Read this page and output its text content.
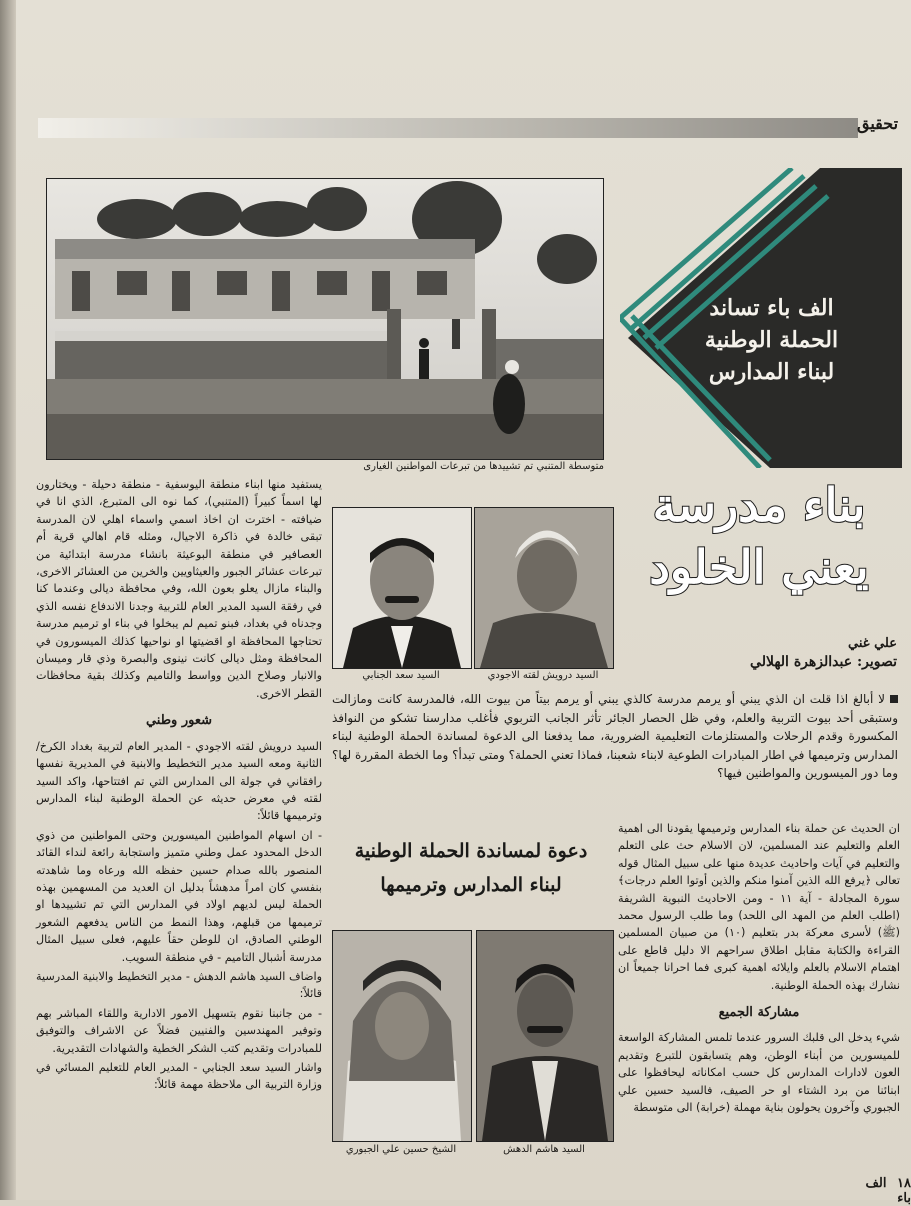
تحقيق
متوسطة المتنبي تم تشييدها من تبرعات المواطنين الغيارى
الف باء تساند
الحملة الوطنية
لبناء المدارس
بناء مدرسة
يعني الخلود
علي غني
تصوير: عبدالزهرة الهلالي
السيد سعد الجنابي	السيد درويش لقته الاجودي

لا أبالغ اذا قلت ان الذي يبني أو يرمم مدرسة كالذي يبني أو يرمم بيتاً من بيوت الله، فالمدرسة كانت ومازالت وستبقى أحد بيوت التربية والعلم، وفي ظل الحصار الجائر تأثر الجانب التربوي فأغلب مدارسنا تشكو من النوافذ المكسورة وقدم الرحلات والمستلزمات التعليمية الضرورية، مما يدفعنا الى الدعوة لمساندة الحملة الوطنية لبناء المدارس وترميمها في اطار المبادرات الطوعية لابناء شعبنا، فماذا تعني الحملة؟ ومتى تبدأ؟ وما الخطة المقررة لها؟ وما دور الميسورين والمواطنين فيها؟

ان الحديث عن حملة بناء المدارس وترميمها يقودنا الى اهمية العلم والتعليم عند المسلمين، لان الاسلام حث على التعلم والتعليم في آيات واحاديث عديدة منها على سبيل المثال قوله تعالى ﴿يرفع الله الذين آمنوا منكم والذين أوتوا العلم درجات﴾ سورة المجادلة - آية ١١ - ومن الاحاديث النبوية الشريفة (اطلب العلم من المهد الى اللحد) وما طلب الرسول محمد (ﷺ) لأسرى معركة بدر بتعليم (١٠) من صبيان المسلمين القراءة والكتابة مقابل اطلاق سراحهم الا دليل قاطع على اهتمام الاسلام بالعلم وايلائه اهمية كبرى فما احرانا جميعاً ان نشارك بهذه الحملة الوطنية.

مشاركة الجميع

شيء يدخل الى قلبك السرور عندما تلمس المشاركة الواسعة للميسورين من أبناء الوطن، وهم يتسابقون للتبرع وتقديم العون لادارات المدارس كل حسب امكاناته ليحافظوا على ابنائنا من برد الشتاء او حر الصيف، فالسيد حسين علي الجبوري وآخرون يحولون بناية مهملة (خرابة) الى متوسطة

دعوة لمساندة الحملة الوطنية
لبناء المدارس وترميمها
الشيخ حسين علي الجبوري	السيد هاشم الدهش

يستفيد منها ابناء منطقة اليوسفية - منطقة دحيلة - ويختارون لها اسماً كبيراً (المتنبي)، كما نوه الى المتبرع، الذي انا في ضيافته - اخترت ان اخاذ اسمي واسماء اهلي لان المدرسة تبقى خالدة في ذاكرة الاجيال، ومثله قام اهالي قرية أم العصافير في منطقة البوعيثة بانشاء مدرسة ابتدائية من تبرعات عشائر الجبور والعيثاويين والخرين من العشائر الاخرى، والبناء مازال يعلو بعون الله، وفي محافظة ديالى وعندما كنا في رفقة السيد المدير العام للتربية وجدنا الاندفاع نفسه الذي وجدناه في بغداد، فبنو تميم لم يبخلوا في بناء او ترميم مدرسة تحتاجها المحافظة او اقضيتها او نواحيها كذلك الميسورون في المحافظة ومثل ديالى كانت نينوى والبصرة وذي قار وميسان والانبار وصلاح الدين وواسط والتاميم وكذلك بقية محافظات القطر الاخرى.

شعور وطني

السيد درويش لقته الاجودي - المدير العام لتربية بغداد الكرخ/ الثانية ومعه السيد مدير التخطيط والابنية في المديرية نفسها رافقاني في جولة الى المدارس التي تم افتتاحها، واكد السيد لقته في معرض حديثه عن الحملة الوطنية لبناء المدارس وترميمها قائلاً:

- ان اسهام المواطنين الميسورين وحتى المواطنين من ذوي الدخل المحدود عمل وطني متميز واستجابة رائعة لنداء القائد المنصور بالله صدام حسين حفظه الله ورعاه وما شاهدته بنفسي كان امراً مدهشاً بدليل ان العديد من المسهمين بهذه الحملة ليس لديهم اولاد في المدارس التي تم تشييدها او ترميمها من قبلهم، وهذا النمط من الناس يدفعهم الشعور الوطني الصادق، ان للوطن حقاً عليهم، فعلى سبيل المثال مدرسة أشبال التاميم - في منطقة السويب.

واضاف السيد هاشم الدهش - مدير التخطيط والابنية المدرسية قائلاً:

- من جانبنا نقوم بتسهيل الامور الادارية واللقاء المباشر بهم وتوفير المهندسين والفنيين فضلاً عن الاشراف والتوفيق للمبادرات وتقديم كتب الشكر الخطية والشهادات التقديرية.

واشار السيد سعد الجنابي - المدير العام للتعليم المسائي في وزارة التربية الى ملاحظة مهمة قائلاً:

١٨ الف باء
